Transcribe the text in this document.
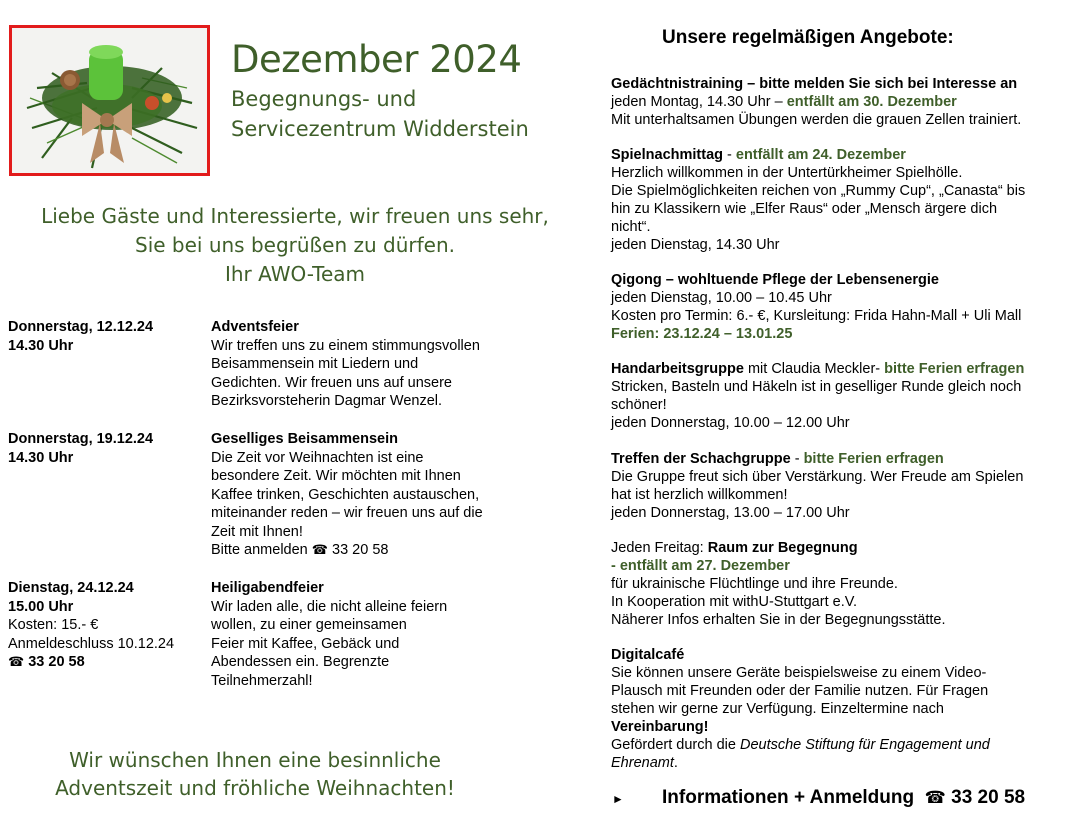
Dezember 2024
Begegnungs- und
Servicezentrum Widderstein
Liebe Gäste und Interessierte, wir freuen uns sehr,
Sie bei uns begrüßen zu dürfen.
Ihr AWO-Team
Donnerstag, 12.12.24
14.30 Uhr
Adventsfeier
Wir treffen uns zu einem stimmungsvollen
Beisammensein mit Liedern und
Gedichten. Wir freuen uns auf unsere
Bezirksvorsteherin Dagmar Wenzel.
Donnerstag, 19.12.24
14.30 Uhr
Geselliges Beisammensein
Die Zeit vor Weihnachten ist eine
besondere Zeit. Wir möchten mit Ihnen
Kaffee trinken, Geschichten austauschen,
miteinander reden – wir freuen uns auf die
Zeit mit Ihnen!
Bitte anmelden ☎ 33 20 58
Dienstag, 24.12.24
15.00 Uhr
Kosten: 15.- €
Anmeldeschluss 10.12.24
☎ 33 20 58
Heiligabendfeier
Wir laden alle, die nicht alleine feiern
wollen, zu einer gemeinsamen
Feier mit Kaffee, Gebäck und
Abendessen ein. Begrenzte
Teilnehmerzahl!
Wir wünschen Ihnen eine besinnliche
Adventszeit und fröhliche Weihnachten!
Unsere regelmäßigen Angebote:

Gedächtnistraining – bitte melden Sie sich bei Interesse an

jeden Montag, 14.30 Uhr – entfällt am 30. Dezember

Mit unterhaltsamen Übungen werden die grauen Zellen trainiert.

Spielnachmittag - entfällt am 24. Dezember

Herzlich willkommen in der Untertürkheimer Spielhölle.

Die Spielmöglichkeiten reichen von „Rummy Cup“, „Canasta“ bis

hin zu Klassikern wie „Elfer Raus“ oder „Mensch ärgere dich

nicht“.

jeden Dienstag, 14.30 Uhr

Qigong – wohltuende Pflege der Lebensenergie

jeden Dienstag, 10.00 – 10.45 Uhr

Kosten pro Termin: 6.- €, Kursleitung: Frida Hahn-Mall + Uli Mall

Ferien: 23.12.24 – 13.01.25

Handarbeitsgruppe mit Claudia Meckler- bitte Ferien erfragen

Stricken, Basteln und Häkeln ist in geselliger Runde gleich noch

schöner!

jeden Donnerstag, 10.00 – 12.00 Uhr

Treffen der Schachgruppe - bitte Ferien erfragen

Die Gruppe freut sich über Verstärkung. Wer Freude am Spielen

hat ist herzlich willkommen!

jeden Donnerstag, 13.00 – 17.00 Uhr

Jeden Freitag: Raum zur Begegnung

- entfällt am 27. Dezember

für ukrainische Flüchtlinge und ihre Freunde.

In Kooperation mit withU-Stuttgart e.V.

Näherer Infos erhalten Sie in der Begegnungsstätte.

Digitalcafé

Sie können unsere Geräte beispielsweise zu einem Video-

Plausch mit Freunden oder der Familie nutzen. Für Fragen

stehen wir gerne zur Verfügung. Einzeltermine nach

Vereinbarung!

Gefördert durch die Deutsche Stiftung für Engagement und

Ehrenamt.

► Informationen + Anmeldung ☎ 33 20 58
